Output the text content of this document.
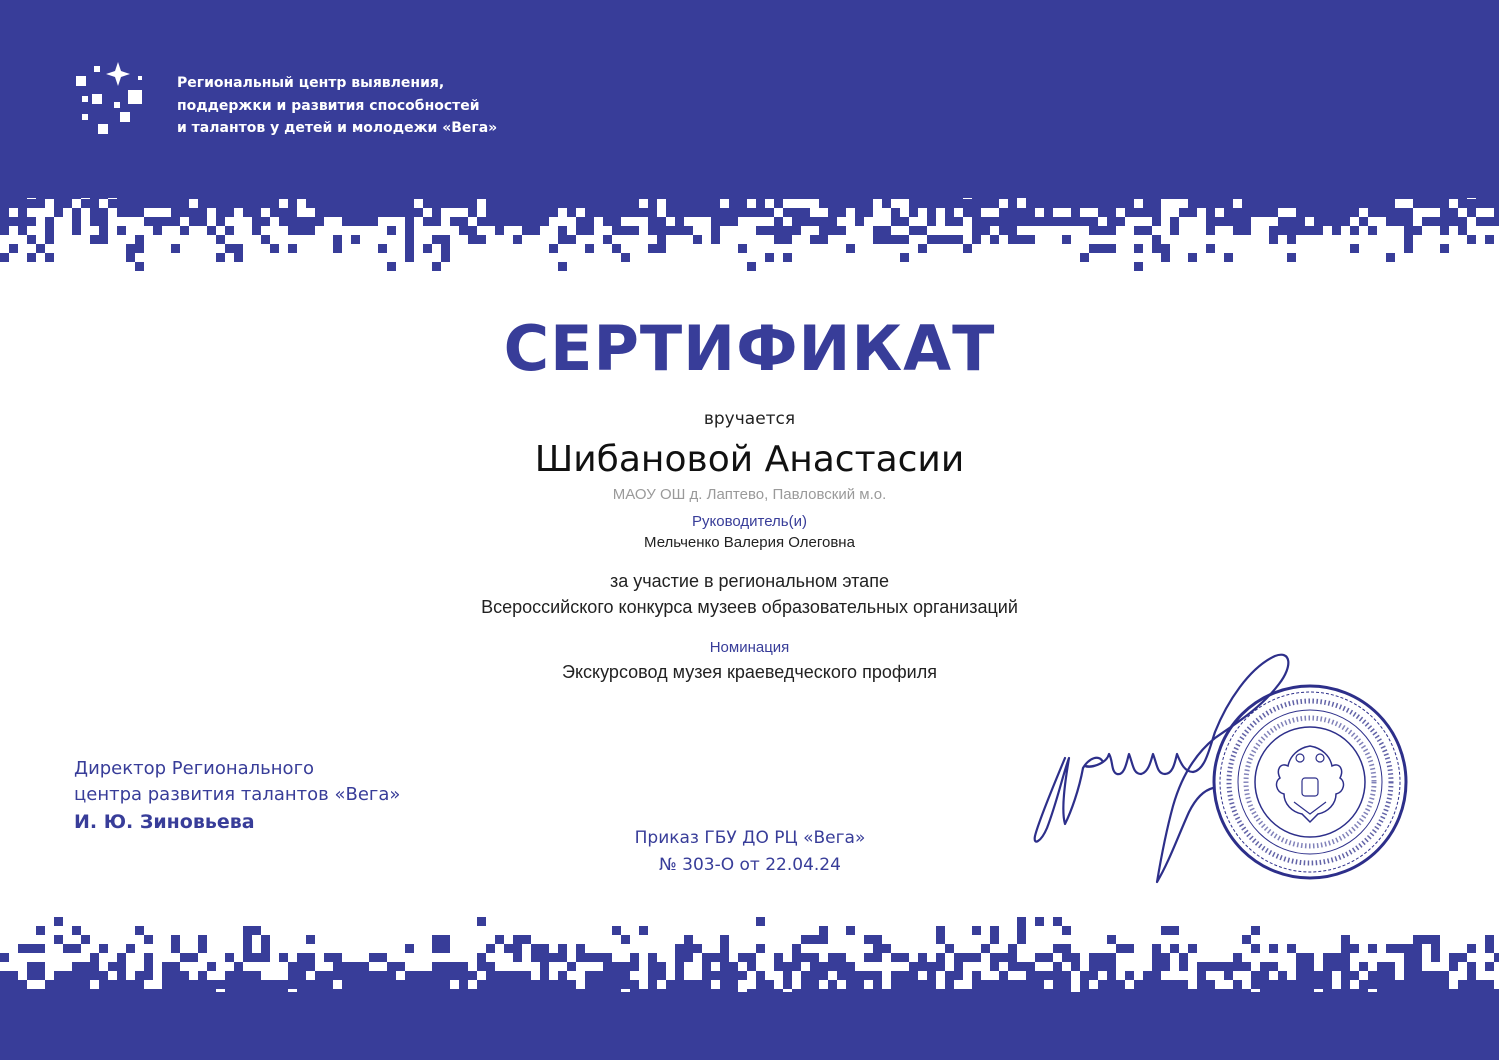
Региональный центр выявления,
поддержки и развития способностей
и талантов у детей и молодежи «Вега»
СЕРТИФИКАТ
вручается
Шибановой Анастасии
МАОУ ОШ д. Лаптево, Павловский м.о.
Руководитель(и)
Мельченко Валерия Олеговна
за участие в региональном этапе
Всероссийского конкурса музеев образовательных организаций
Номинация
Экскурсовод музея краеведческого профиля
Директор Регионального
центра развития талантов «Вега»
И. Ю. Зиновьева
Приказ ГБУ ДО РЦ «Вега»
№ 303-О от 22.04.24
